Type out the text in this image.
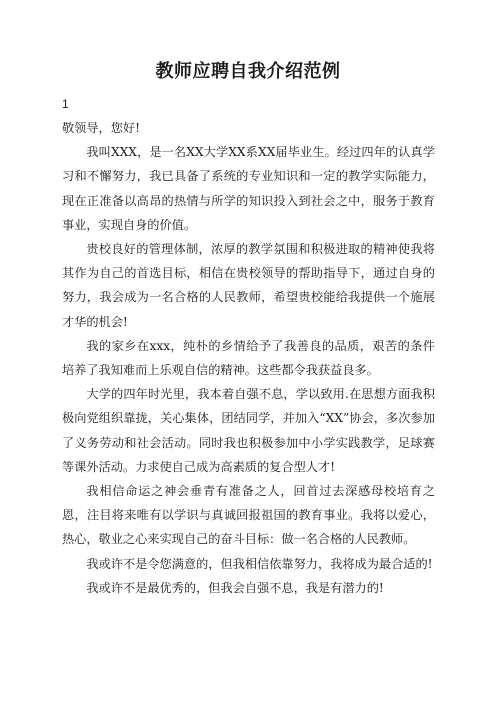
教师应聘自我介绍范例
1

敬领导，您好!

我叫XXX，是一名XX大学XX系XX届毕业生。经过四年的认真学习和不懈努力，我已具备了系统的专业知识和一定的教学实际能力，现在正准备以高昂的热情与所学的知识投入到社会之中，服务于教育事业，实现自身的价值。

贵校良好的管理体制，浓厚的教学氛围和积极进取的精神使我将其作为自己的首选目标，相信在贵校领导的帮助指导下，通过自身的努力，我会成为一名合格的人民教师，希望贵校能给我提供一个施展才华的机会!

我的家乡在xxx，纯朴的乡情给予了我善良的品质，艰苦的条件培养了我知难而上乐观自信的精神。这些都令我获益良多。

大学的四年时光里，我本着自强不息，学以致用.在思想方面我积极向党组织靠拢，关心集体，团结同学，并加入“XX”协会，多次参加了义务劳动和社会活动。同时我也积极参加中小学实践教学，足球赛等课外活动。力求使自己成为高素质的复合型人才!

我相信命运之神会垂青有准备之人，回首过去深感母校培育之恩，注目将来唯有以学识与真诚回报祖国的教育事业。我将以爱心，热心，敬业之心来实现自己的奋斗目标：做一名合格的人民教师。

我或许不是令您满意的，但我相信依靠努力，我将成为最合适的!

我或许不是最优秀的，但我会自强不息，我是有潜力的!
